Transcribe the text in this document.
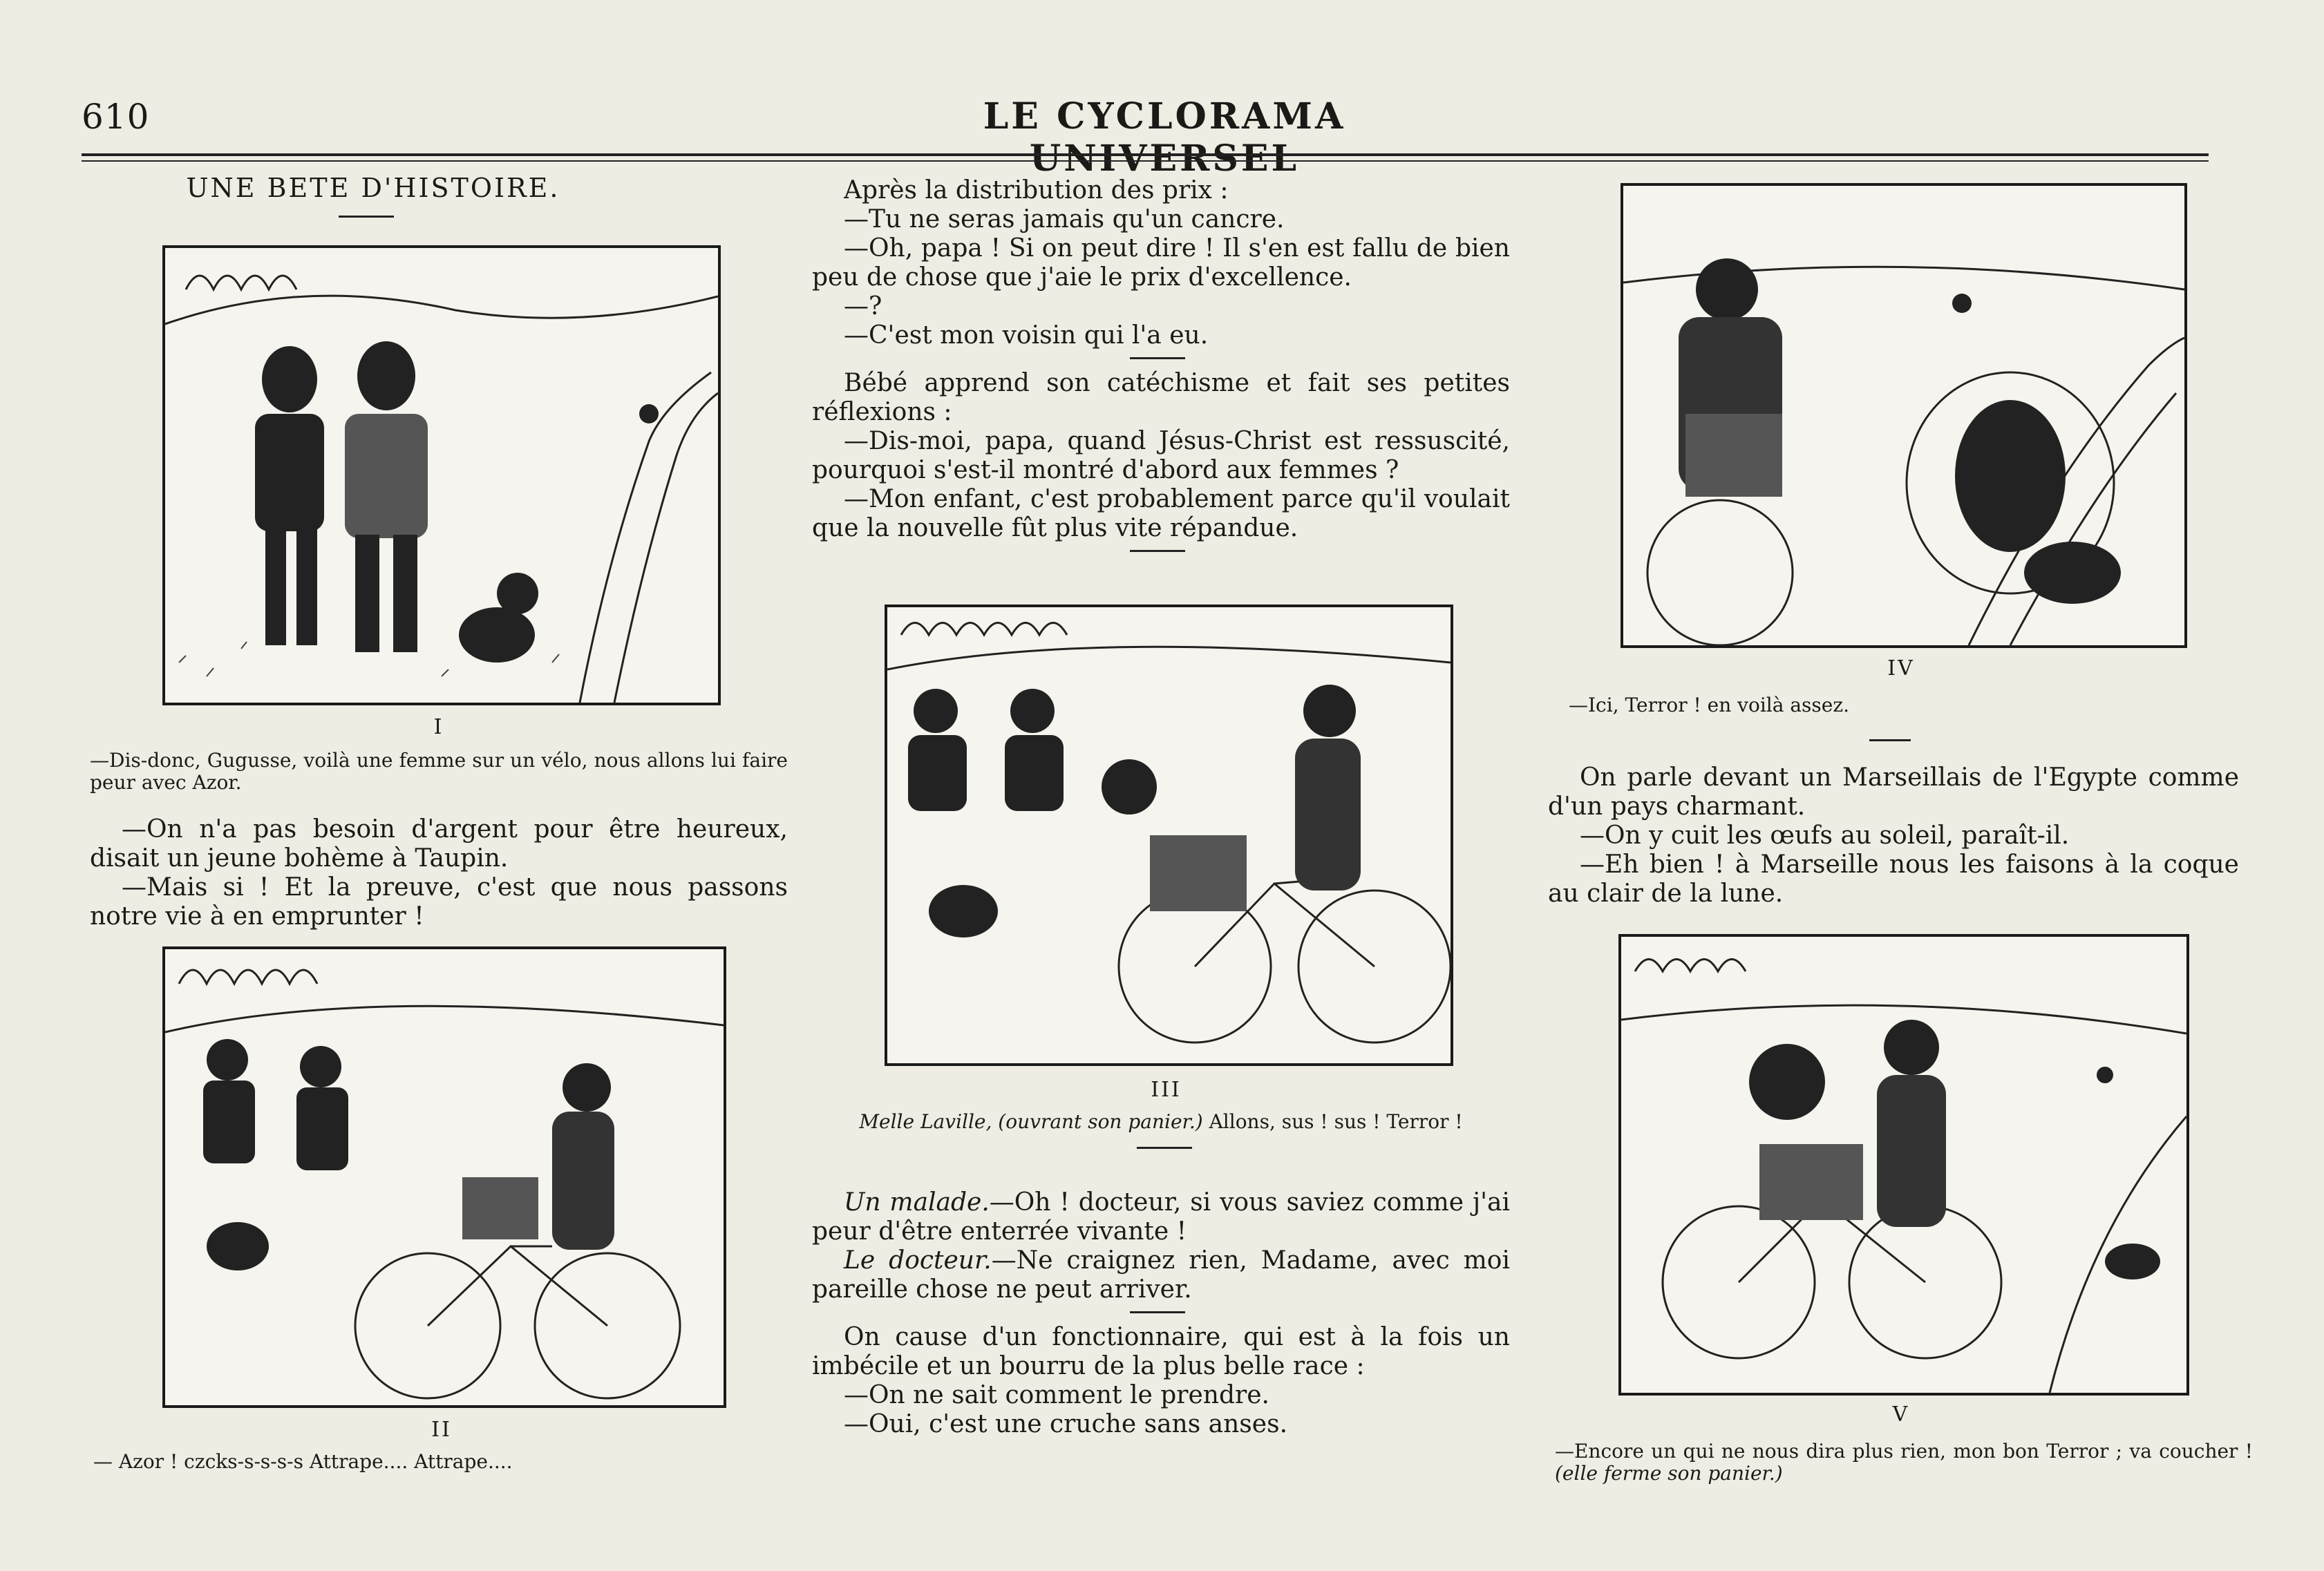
610	LE CYCLORAMA UNIVERSEL
UNE BETE D'HISTOIRE.
I
—Dis-donc, Gugusse, voilà une femme sur un vélo, nous allons lui faire peur avec Azor.

—On n'a pas besoin d'argent pour être heureux, disait un jeune bohème à Taupin.

—Mais si ! Et la preuve, c'est que nous passons notre vie à en emprunter !

II
— Azor ! czcks-s-s-s-s Attrape.... Attrape....

Après la distribution des prix :

—Tu ne seras jamais qu'un cancre.

—Oh, papa ! Si on peut dire ! Il s'en est fallu de bien peu de chose que j'aie le prix d'excellence.

—?

—C'est mon voisin qui l'a eu.

Bébé apprend son catéchisme et fait ses petites réflexions :

—Dis-moi, papa, quand Jésus-Christ est ressuscité, pourquoi s'est-il montré d'abord aux femmes ?

—Mon enfant, c'est probablement parce qu'il voulait que la nouvelle fût plus vite répandue.

III
Melle Laville, (ouvrant son panier.) Allons, sus ! sus ! Terror !

Un malade.—Oh ! docteur, si vous saviez comme j'ai peur d'être enterrée vivante !

Le docteur.—Ne craignez rien, Madame, avec moi pareille chose ne peut arriver.

On cause d'un fonctionnaire, qui est à la fois un imbécile et un bourru de la plus belle race :

—On ne sait comment le prendre.

—Oui, c'est une cruche sans anses.

IV
—Ici, Terror ! en voilà assez.

On parle devant un Marseillais de l'Egypte comme d'un pays charmant.

—On y cuit les œufs au soleil, paraît-il.

—Eh bien ! à Marseille nous les faisons à la coque au clair de la lune.

V
—Encore un qui ne nous dira plus rien, mon bon Terror ; va coucher ! (elle ferme son panier.)
